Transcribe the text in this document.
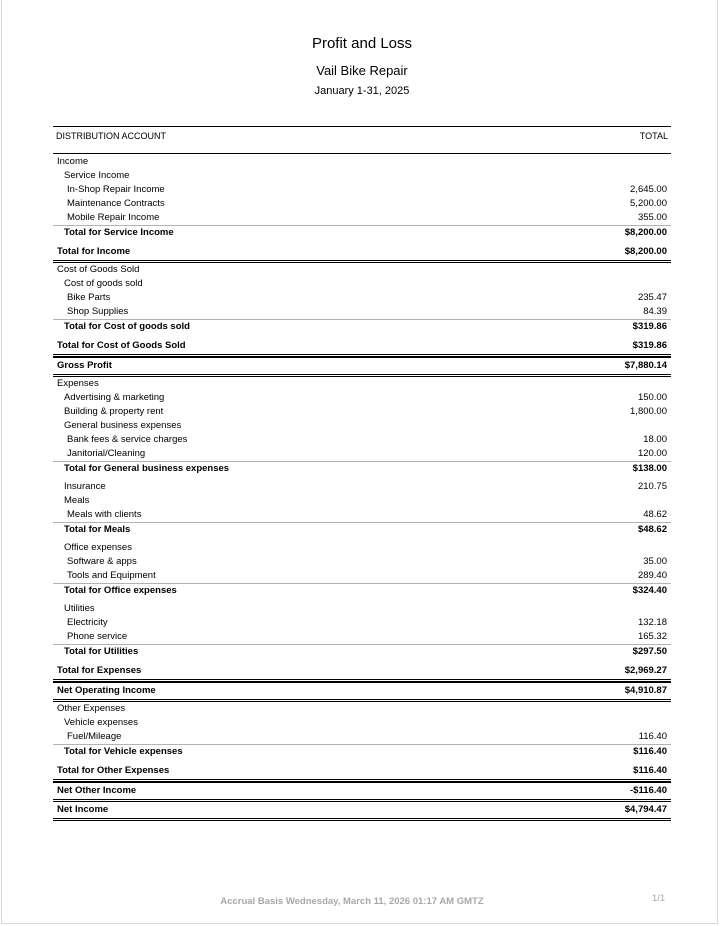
Profit and Loss
Vail Bike Repair
January 1-31, 2025
DISTRIBUTION ACCOUNT	TOTAL
Income
Service Income
In-Shop Repair Income	2,645.00
Maintenance Contracts	5,200.00
Mobile Repair Income	355.00
Total for Service Income	$8,200.00
Total for Income	$8,200.00
Cost of Goods Sold
Cost of goods sold
Bike Parts	235.47
Shop Supplies	84.39
Total for Cost of goods sold	$319.86
Total for Cost of Goods Sold	$319.86
Gross Profit	$7,880.14
Expenses
Advertising & marketing	150.00
Building & property rent	1,800.00
General business expenses
Bank fees & service charges	18.00
Janitorial/Cleaning	120.00
Total for General business expenses	$138.00
Insurance	210.75
Meals
Meals with clients	48.62
Total for Meals	$48.62
Office expenses
Software & apps	35.00
Tools and Equipment	289.40
Total for Office expenses	$324.40
Utilities
Electricity	132.18
Phone service	165.32
Total for Utilities	$297.50
Total for Expenses	$2,969.27
Net Operating Income	$4,910.87
Other Expenses
Vehicle expenses
Fuel/Mileage	116.40
Total for Vehicle expenses	$116.40
Total for Other Expenses	$116.40
Net Other Income	-$116.40
Net Income	$4,794.47
Accrual Basis Wednesday, March 11, 2026 01:17 AM GMTZ	1/1
